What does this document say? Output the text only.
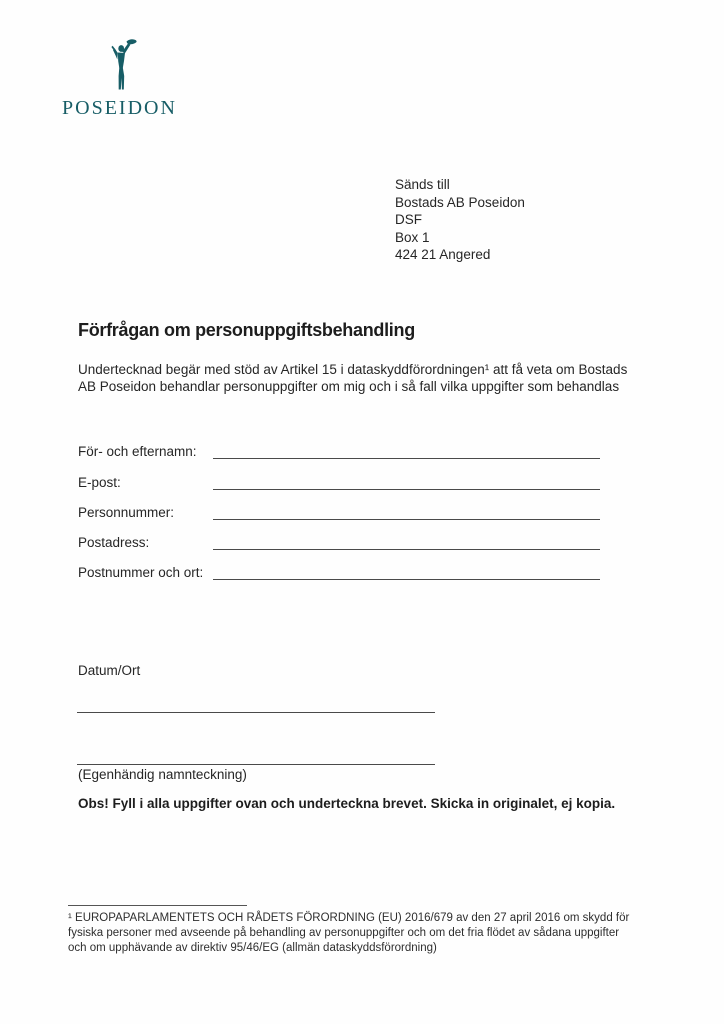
POSEIDON
Sänds till
Bostads AB Poseidon
DSF
Box 1
424 21 Angered
Förfrågan om personuppgiftsbehandling

Undertecknad begär med stöd av Artikel 15 i dataskyddförordningen¹ att få veta om Bostads AB Poseidon behandlar personuppgifter om mig och i så fall vilka uppgifter som behandlas

För- och efternamn:
E-post:
Personnummer:
Postadress:
Postnummer och ort:
Datum/Ort
(Egenhändig namnteckning)
Obs! Fyll i alla uppgifter ovan och underteckna brevet. Skicka in originalet, ej kopia.
¹ EUROPAPARLAMENTETS OCH RÅDETS FÖRORDNING (EU) 2016/679 av den 27 april 2016 om skydd för fysiska personer med avseende på behandling av personuppgifter och om det fria flödet av sådana uppgifter och om upphävande av direktiv 95/46/EG (allmän dataskyddsförordning)
